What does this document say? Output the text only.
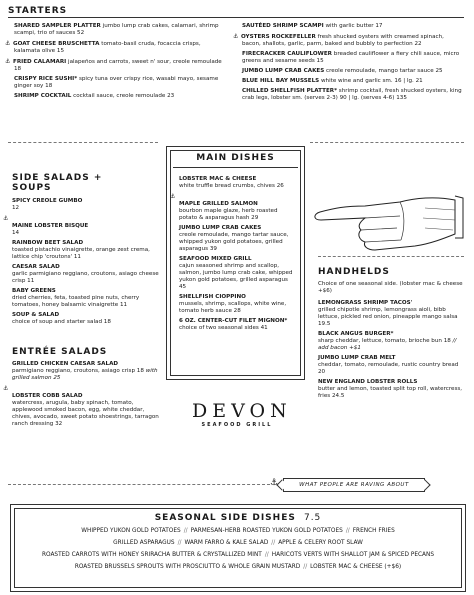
STARTERS
SHARED SAMPLER PLATTER jumbo lump crab cakes, calamari, shrimp scampi, trio of sauces 52
⚓ GOAT CHEESE BRUSCHETTA tomato-basil cruda, focaccia crisps, kalamata olive 15
⚓ FRIED CALAMARI jalapeños and carrots, sweet n' sour, creole remoulade 18
CRISPY RICE SUSHI* spicy tuna over crispy rice, wasabi mayo, sesame ginger soy 18
SHRIMP COCKTAIL cocktail sauce, creole remoulade 23
SAUTÉED SHRIMP SCAMPI with garlic butter 17
⚓ OYSTERS ROCKEFELLER fresh shucked oysters with creamed spinach, bacon, shallots, garlic, parm, baked and bubbly to perfection 22
FIRECRACKER CAULIFLOWER breaded cauliflower a fiery chili sauce, micro greens and sesame seeds 15
JUMBO LUMP CRAB CAKES creole remoulade, mango tartar sauce 25
BLUE HILL BAY MUSSELS white wine and garlic sm. 16 | lg. 21
CHILLED SHELLFISH PLATTER* shrimp cocktail, fresh shucked oysters, king crab legs, lobster sm. (serves 2-3) 90 | lg. (serves 4-6) 135
SIDE SALADS +
SOUPS
SPICY CREOLE GUMBO
12
⚓
MAINE LOBSTER BISQUE
14
RAINBOW BEET SALAD
toasted pistachio vinaigrette, orange zest crema, lattice chip 'croutons' 11
CAESAR SALAD
garlic parmigiano reggiano, croutons, asiago cheese crisp 11
BABY GREENS
dried cherries, feta, toasted pine nuts, cherry tomatoes, honey balsamic vinaigrette 11
SOUP & SALAD
choice of soup and starter salad 18
ENTRÉE SALADS
GRILLED CHICKEN CAESAR SALAD
parmigiano reggiano, croutons, asiago crisp 18 with grilled salmon 25
⚓
LOBSTER COBB SALAD
watercress, arugula, baby spinach, tomato, applewood smoked bacon, egg, white cheddar, chives, avocado, sweet potato shoestrings, tarragon ranch dressing 32
MAIN DISHES
LOBSTER MAC & CHEESE
white truffle bread crumbs, chives 26
⚓
MAPLE GRILLED SALMON
bourbon maple glaze, herb roasted potato & asparagus hash 29
JUMBO LUMP CRAB CAKES
creole remoulade, mango tartar sauce, whipped yukon gold potatoes, grilled asparagus 39
SEAFOOD MIXED GRILL
cajun seasoned shrimp and scallop, salmon, jumbo lump crab cake, whipped yukon gold potatoes, grilled asparagus 45
SHELLFISH CIOPPINO
mussels, shrimp, scallops, white wine, tomato herb sauce 28
6 OZ. CENTER-CUT FILET MIGNON*
choice of two seasonal sides 41
HANDHELDS
Choice of one seasonal side. (lobster mac & cheese +$6)
LEMONGRASS SHRIMP TACOS'
grilled chipotle shrimp, lemongrass aioli, bibb lettuce, pickled red onion, pineapple mango salsa 19.5
BLACK ANGUS BURGER*
sharp cheddar, lettuce, tomato, brioche bun 18 // add bacon +$1
JUMBO LUMP CRAB MELT
cheddar, tomato, remoulade, rustic country bread 20
NEW ENGLAND LOBSTER ROLLS
butter and lemon, toasted split top roll, watercress, fries 24.5
DEVON
SEAFOOD GRILL
⚓	WHAT PEOPLE ARE RAVING ABOUT
SEASONAL SIDE DISHES 7.5
WHIPPED YUKON GOLD POTATOES // PARMESAN-HERB ROASTED YUKON GOLD POTATOES // FRENCH FRIES
GRILLED ASPARAGUS // WARM FARRO & KALE SALAD // APPLE & CELERY ROOT SLAW
ROASTED CARROTS WITH HONEY SRIRACHA BUTTER & CRYSTALLIZED MINT // HARICOTS VERTS WITH SHALLOT JAM & SPICED PECANS
ROASTED BRUSSELS SPROUTS WITH PROSCIUTTO & WHOLE GRAIN MUSTARD // LOBSTER MAC & CHEESE (+$6)
